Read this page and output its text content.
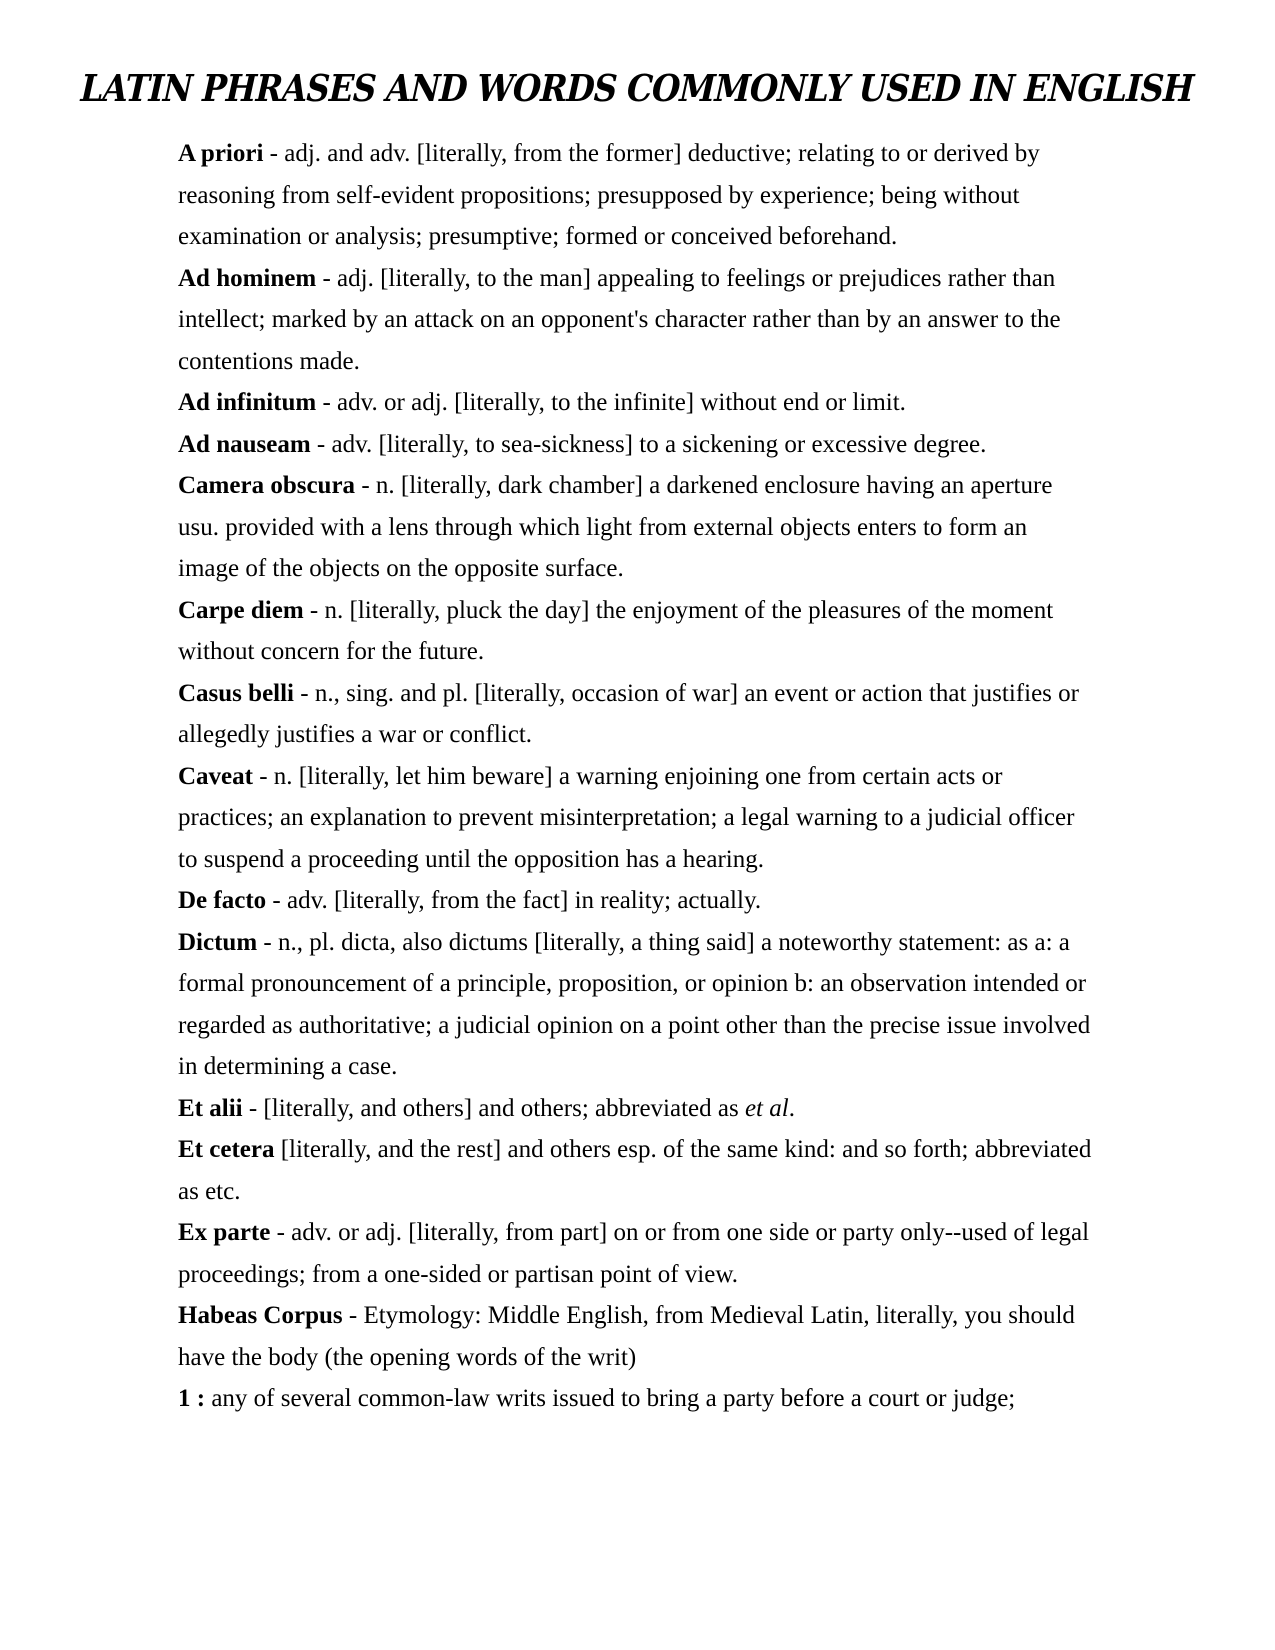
LATIN PHRASES AND WORDS COMMONLY USED IN ENGLISH

A priori - adj. and adv. [literally, from the former] deductive; relating to or derived by reasoning from self-evident propositions; presupposed by experience; being without examination or analysis; presumptive; formed or conceived beforehand.

Ad hominem - adj. [literally, to the man] appealing to feelings or prejudices rather than intellect; marked by an attack on an opponent's character rather than by an answer to the contentions made.

Ad infinitum - adv. or adj. [literally, to the infinite] without end or limit.

Ad nauseam - adv. [literally, to sea-sickness] to a sickening or excessive degree.

Camera obscura - n. [literally, dark chamber] a darkened enclosure having an aperture usu. provided with a lens through which light from external objects enters to form an image of the objects on the opposite surface.

Carpe diem - n. [literally, pluck the day] the enjoyment of the pleasures of the moment without concern for the future.

Casus belli - n., sing. and pl. [literally, occasion of war] an event or action that justifies or allegedly justifies a war or conflict.

Caveat - n. [literally, let him beware] a warning enjoining one from certain acts or practices; an explanation to prevent misinterpretation; a legal warning to a judicial officer to suspend a proceeding until the opposition has a hearing.

De facto - adv. [literally, from the fact] in reality; actually.

Dictum - n., pl. dicta, also dictums [literally, a thing said] a noteworthy statement: as a: a formal pronouncement of a principle, proposition, or opinion b: an observation intended or regarded as authoritative; a judicial opinion on a point other than the precise issue involved in determining a case.

Et alii - [literally, and others] and others; abbreviated as et al.

Et cetera [literally, and the rest] and others esp. of the same kind: and so forth; abbreviated as etc.

Ex parte - adv. or adj. [literally, from part] on or from one side or party only--used of legal proceedings; from a one-sided or partisan point of view.

Habeas Corpus - Etymology: Middle English, from Medieval Latin, literally, you should have the body (the opening words of the writ)

1 : any of several common-law writs issued to bring a party before a court or judge;
